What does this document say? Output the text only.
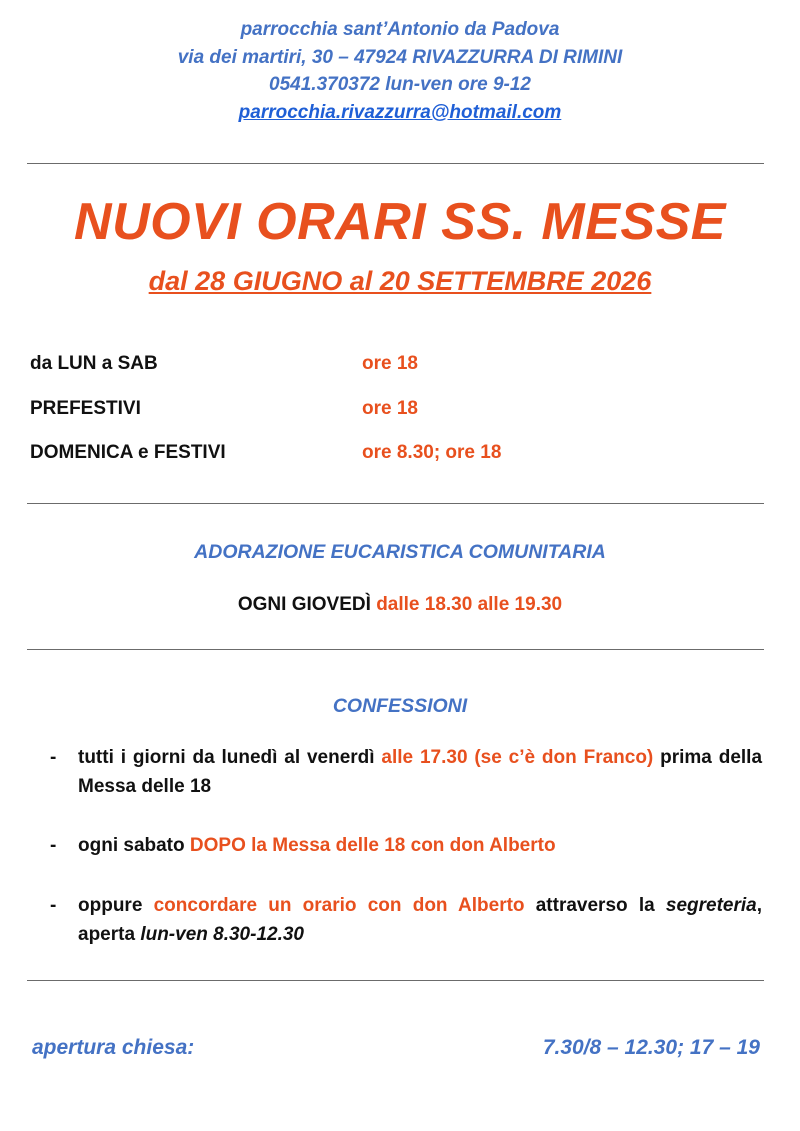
parrocchia sant’Antonio da Padova
via dei martiri, 30 – 47924 RIVAZZURRA DI RIMINI
0541.370372 lun-ven ore 9-12
parrocchia.rivazzurra@hotmail.com
NUOVI ORARI SS. MESSE
dal 28 GIUGNO al 20 SETTEMBRE 2026
da LUN a SAB	ore 18
PREFESTIVI	ore 18
DOMENICA e FESTIVI	ore 8.30; ore 18
ADORAZIONE EUCARISTICA COMUNITARIA
OGNI GIOVEDÌ dalle 18.30 alle 19.30
CONFESSIONI
-	tutti i giorni da lunedì al venerdì alle 17.30 (se c’è don Franco) prima della Messa delle 18
-	ogni sabato DOPO la Messa delle 18 con don Alberto
-	oppure concordare un orario con don Alberto attraverso la segreteria, aperta lun-ven 8.30-12.30
apertura chiesa:	7.30/8 – 12.30; 17 – 19
